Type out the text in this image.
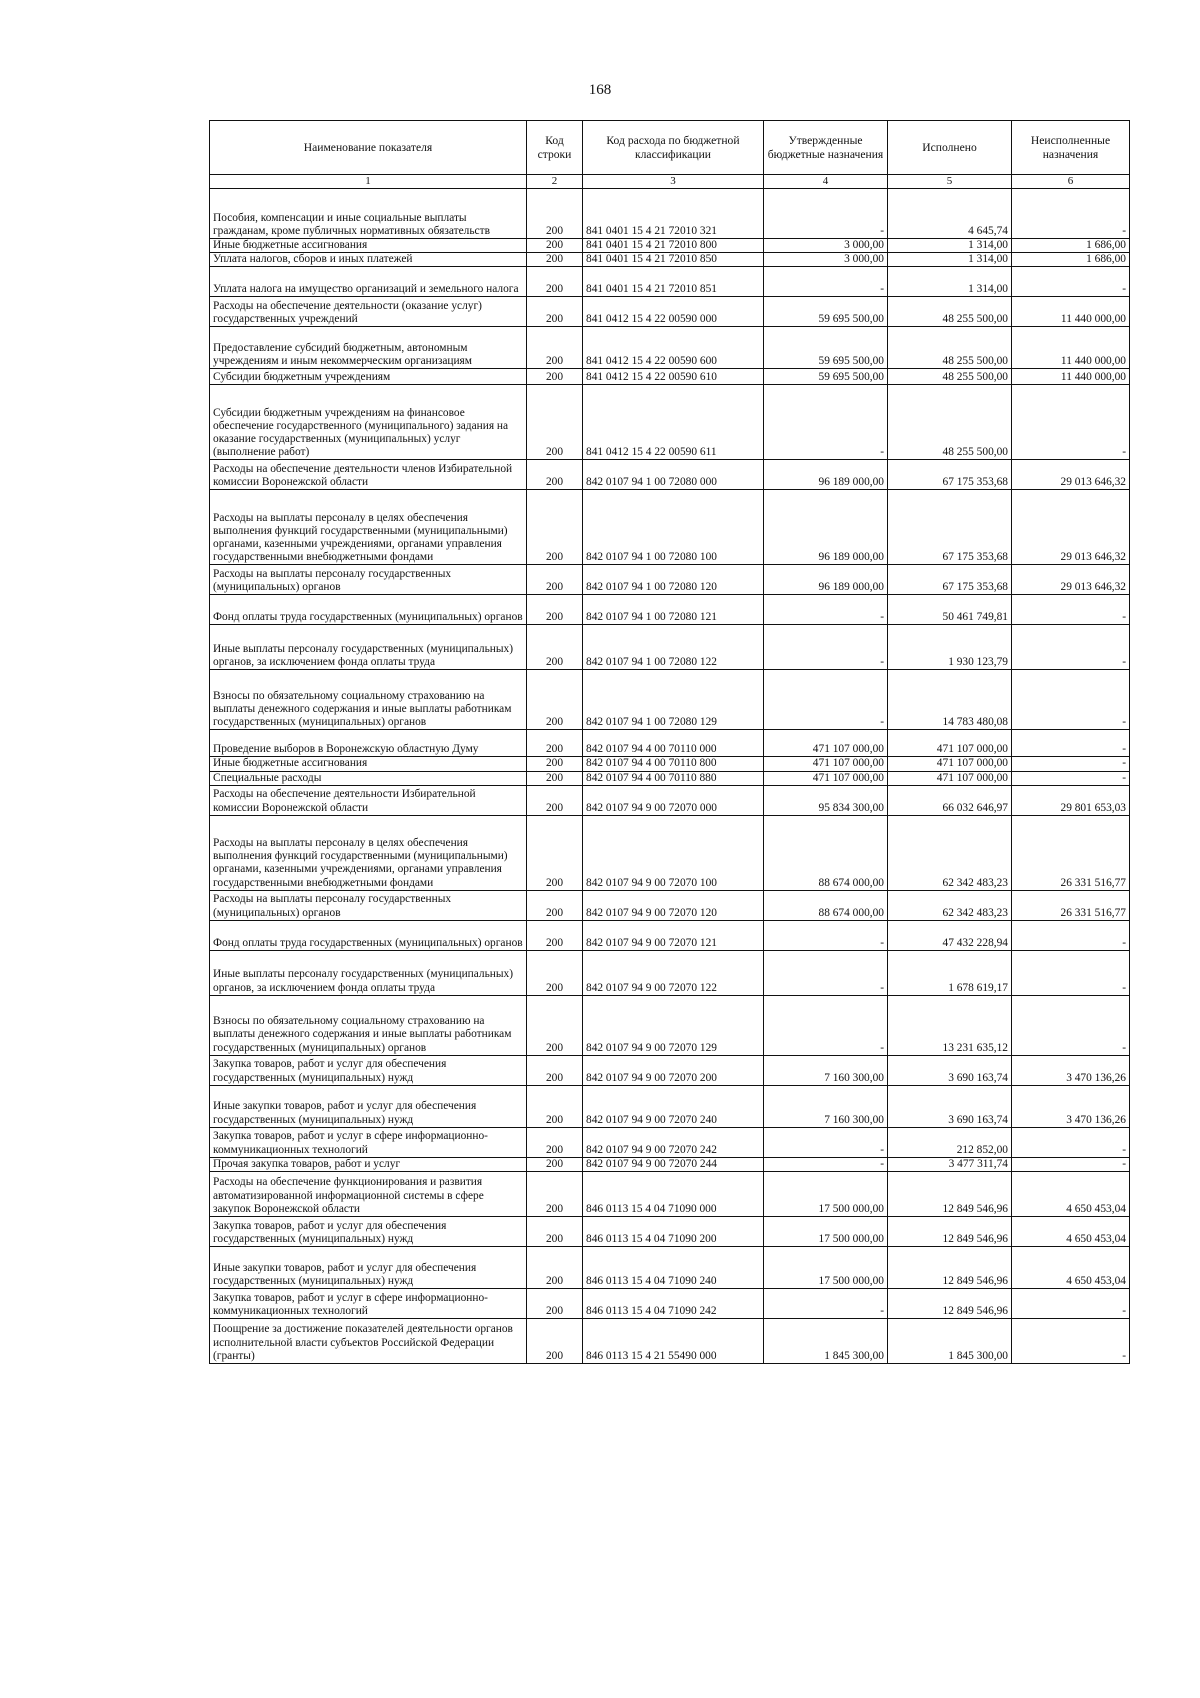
168
Наименование показателя	Код строки	Код расхода по бюджетной классификации	Утвержденные бюджетные назначения	Исполнено	Неисполненные назначения
1	2	3	4	5	6
Пособия, компенсации и иные социальные выплаты гражданам, кроме публичных нормативных обязательств	200	841 0401 15 4 21 72010 321	-	4 645,74	-
Иные бюджетные ассигнования	200	841 0401 15 4 21 72010 800	3 000,00	1 314,00	1 686,00
Уплата налогов, сборов и иных платежей	200	841 0401 15 4 21 72010 850	3 000,00	1 314,00	1 686,00
Уплата налога на имущество организаций и земельного налога	200	841 0401 15 4 21 72010 851	-	1 314,00	-
Расходы на обеспечение деятельности (оказание услуг) государственных учреждений	200	841 0412 15 4 22 00590 000	59 695 500,00	48 255 500,00	11 440 000,00
Предоставление субсидий бюджетным, автономным учреждениям и иным некоммерческим организациям	200	841 0412 15 4 22 00590 600	59 695 500,00	48 255 500,00	11 440 000,00
Субсидии бюджетным учреждениям	200	841 0412 15 4 22 00590 610	59 695 500,00	48 255 500,00	11 440 000,00
Субсидии бюджетным учреждениям на финансовое обеспечение государственного (муниципального) задания на оказание государственных (муниципальных) услуг (выполнение работ)	200	841 0412 15 4 22 00590 611	-	48 255 500,00	-
Расходы на обеспечение деятельности членов Избирательной комиссии Воронежской области	200	842 0107 94 1 00 72080 000	96 189 000,00	67 175 353,68	29 013 646,32
Расходы на выплаты персоналу в целях обеспечения выполнения функций государственными (муниципальными) органами, казенными учреждениями, органами управления государственными внебюджетными фондами	200	842 0107 94 1 00 72080 100	96 189 000,00	67 175 353,68	29 013 646,32
Расходы на выплаты персоналу государственных (муниципальных) органов	200	842 0107 94 1 00 72080 120	96 189 000,00	67 175 353,68	29 013 646,32
Фонд оплаты труда государственных (муниципальных) органов	200	842 0107 94 1 00 72080 121	-	50 461 749,81	-
Иные выплаты персоналу государственных (муниципальных) органов, за исключением фонда оплаты труда	200	842 0107 94 1 00 72080 122	-	1 930 123,79	-
Взносы по обязательному социальному страхованию на выплаты денежного содержания и иные выплаты работникам государственных (муниципальных) органов	200	842 0107 94 1 00 72080 129	-	14 783 480,08	-
Проведение выборов в Воронежскую областную Думу	200	842 0107 94 4 00 70110 000	471 107 000,00	471 107 000,00	-
Иные бюджетные ассигнования	200	842 0107 94 4 00 70110 800	471 107 000,00	471 107 000,00	-
Специальные расходы	200	842 0107 94 4 00 70110 880	471 107 000,00	471 107 000,00	-
Расходы на обеспечение деятельности Избирательной комиссии Воронежской области	200	842 0107 94 9 00 72070 000	95 834 300,00	66 032 646,97	29 801 653,03
Расходы на выплаты персоналу в целях обеспечения выполнения функций государственными (муниципальными) органами, казенными учреждениями, органами управления государственными внебюджетными фондами	200	842 0107 94 9 00 72070 100	88 674 000,00	62 342 483,23	26 331 516,77
Расходы на выплаты персоналу государственных (муниципальных) органов	200	842 0107 94 9 00 72070 120	88 674 000,00	62 342 483,23	26 331 516,77
Фонд оплаты труда государственных (муниципальных) органов	200	842 0107 94 9 00 72070 121	-	47 432 228,94	-
Иные выплаты персоналу государственных (муниципальных) органов, за исключением фонда оплаты труда	200	842 0107 94 9 00 72070 122	-	1 678 619,17	-
Взносы по обязательному социальному страхованию на выплаты денежного содержания и иные выплаты работникам государственных (муниципальных) органов	200	842 0107 94 9 00 72070 129	-	13 231 635,12	-
Закупка товаров, работ и услуг для обеспечения государственных (муниципальных) нужд	200	842 0107 94 9 00 72070 200	7 160 300,00	3 690 163,74	3 470 136,26
Иные закупки товаров, работ и услуг для обеспечения государственных (муниципальных) нужд	200	842 0107 94 9 00 72070 240	7 160 300,00	3 690 163,74	3 470 136,26
Закупка товаров, работ и услуг в сфере информационно-коммуникационных технологий	200	842 0107 94 9 00 72070 242	-	212 852,00	-
Прочая закупка товаров, работ и услуг	200	842 0107 94 9 00 72070 244	-	3 477 311,74	-
Расходы на обеспечение функционирования и развития автоматизированной информационной системы в сфере закупок Воронежской области	200	846 0113 15 4 04 71090 000	17 500 000,00	12 849 546,96	4 650 453,04
Закупка товаров, работ и услуг для обеспечения государственных (муниципальных) нужд	200	846 0113 15 4 04 71090 200	17 500 000,00	12 849 546,96	4 650 453,04
Иные закупки товаров, работ и услуг для обеспечения государственных (муниципальных) нужд	200	846 0113 15 4 04 71090 240	17 500 000,00	12 849 546,96	4 650 453,04
Закупка товаров, работ и услуг в сфере информационно-коммуникационных технологий	200	846 0113 15 4 04 71090 242	-	12 849 546,96	-
Поощрение за достижение показателей деятельности органов исполнительной власти субъектов Российской Федерации (гранты)	200	846 0113 15 4 21 55490 000	1 845 300,00	1 845 300,00	-
